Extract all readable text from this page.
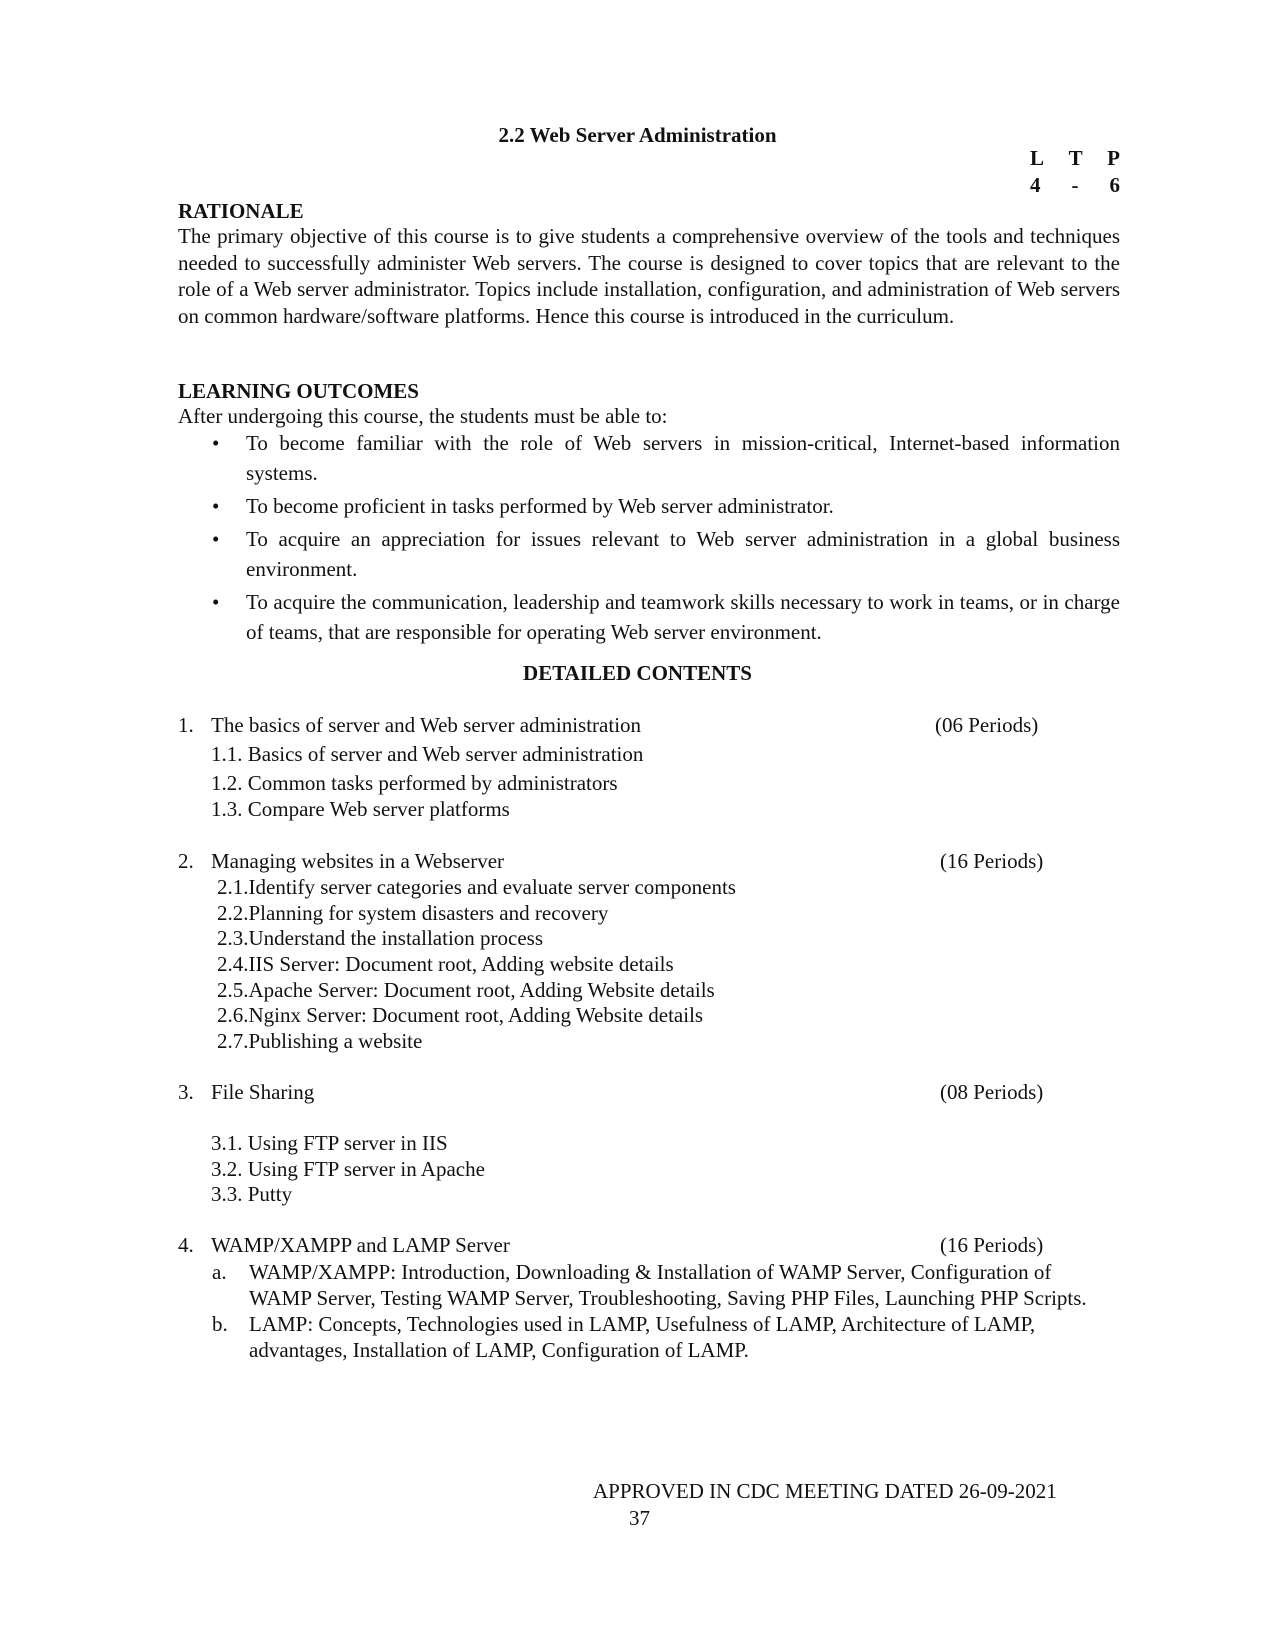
2.2 Web Server Administration
L T P
4 - 6
RATIONALE
The primary objective of this course is to give students a comprehensive overview of the tools and techniques needed to successfully administer Web servers. The course is designed to cover topics that are relevant to the role of a Web server administrator. Topics include installation, configuration, and administration of Web servers on common hardware/software platforms. Hence this course is introduced in the curriculum.
LEARNING OUTCOMES
After undergoing this course, the students must be able to:
• To become familiar with the role of Web servers in mission-critical, Internet-based information systems.
• To become proficient in tasks performed by Web server administrator.
• To acquire an appreciation for issues relevant to Web server administration in a global business environment.
• To acquire the communication, leadership and teamwork skills necessary to work in teams, or in charge of teams, that are responsible for operating Web server environment.
DETAILED CONTENTS
1. The basics of server and Web server administration	(06 Periods)
1.1. Basics of server and Web server administration
1.2. Common tasks performed by administrators
1.3. Compare Web server platforms
2. Managing websites in a Webserver	(16 Periods)
2.1.Identify server categories and evaluate server components
2.2.Planning for system disasters and recovery
2.3.Understand the installation process
2.4.IIS Server: Document root, Adding website details
2.5.Apache Server: Document root, Adding Website details
2.6.Nginx Server: Document root, Adding Website details
2.7.Publishing a website
3. File Sharing	(08 Periods)
3.1. Using FTP server in IIS
3.2. Using FTP server in Apache
3.3. Putty
4. WAMP/XAMPP and LAMP Server	(16 Periods)
a. WAMP/XAMPP: Introduction, Downloading & Installation of WAMP Server, Configuration of WAMP Server, Testing WAMP Server, Troubleshooting, Saving PHP Files, Launching PHP Scripts.
b. LAMP: Concepts, Technologies used in LAMP, Usefulness of LAMP, Architecture of LAMP, advantages, Installation of LAMP, Configuration of LAMP.
APPROVED IN CDC MEETING DATED 26-09-2021
37
